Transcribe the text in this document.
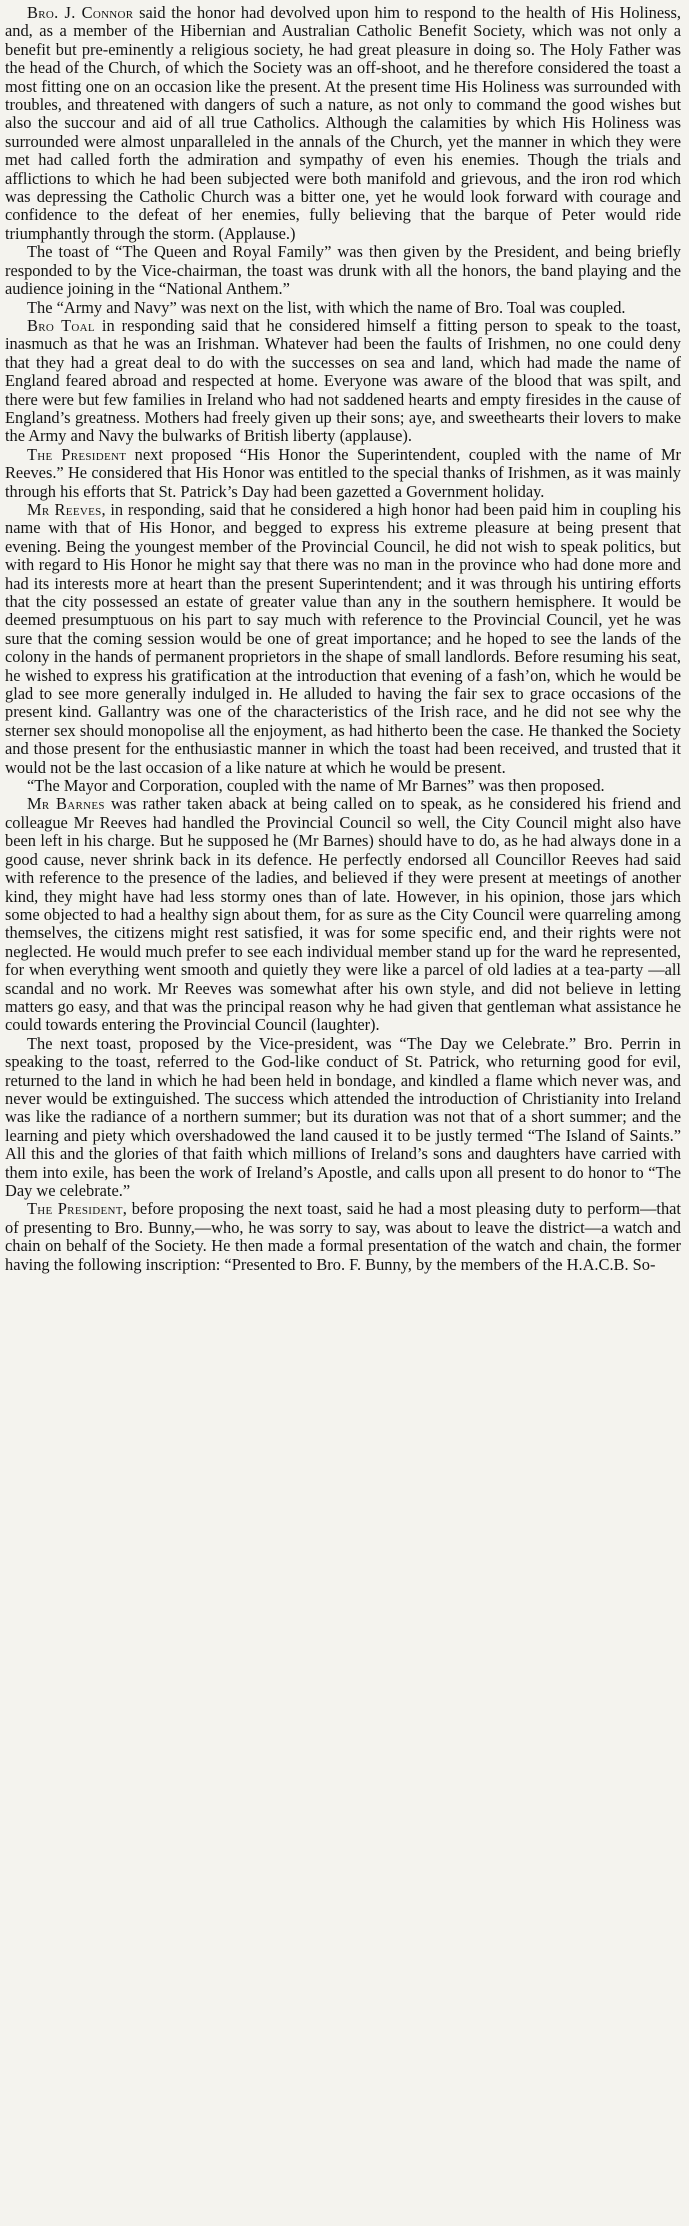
Bro. J. Connor said the honor had devolved upon him to respond to the health of His Holiness, and, as a member of the Hibernian and Australian Catholic Benefit Society, which was not only a benefit but pre-eminently a religious society, he had great pleasure in doing so. The Holy Father was the head of the Church, of which the Society was an off-shoot, and he therefore considered the toast a most fitting one on an occasion like the present. At the present time His Holiness was surrounded with troubles, and threatened with dangers of such a nature, as not only to command the good wishes but also the succour and aid of all true Catholics. Although the calamities by which His Holiness was surrounded were almost unparalleled in the annals of the Church, yet the manner in which they were met had called forth the admiration and sympathy of even his enemies. Though the trials and afflictions to which he had been subjected were both manifold and grievous, and the iron rod which was depressing the Catholic Church was a bitter one, yet he would look forward with courage and confidence to the defeat of her enemies, fully believing that the barque of Peter would ride triumphantly through the storm. (Applause.)

The toast of “The Queen and Royal Family” was then given by the President, and being briefly responded to by the Vice-chairman, the toast was drunk with all the honors, the band playing and the audience joining in the “National Anthem.”

The “Army and Navy” was next on the list, with which the name of Bro. Toal was coupled.

Bro Toal in responding said that he considered himself a fitting person to speak to the toast, inasmuch as that he was an Irishman. Whatever had been the faults of Irishmen, no one could deny that they had a great deal to do with the successes on sea and land, which had made the name of England feared abroad and respected at home. Everyone was aware of the blood that was spilt, and there were but few families in Ireland who had not saddened hearts and empty firesides in the cause of England’s greatness. Mothers had freely given up their sons; aye, and sweethearts their lovers to make the Army and Navy the bulwarks of British liberty (applause).

The President next proposed “His Honor the Superintendent, coupled with the name of Mr Reeves.” He considered that His Honor was entitled to the special thanks of Irishmen, as it was mainly through his efforts that St. Patrick’s Day had been gazetted a Government holiday.

Mr Reeves, in responding, said that he considered a high honor had been paid him in coupling his name with that of His Honor, and begged to express his extreme pleasure at being present that evening. Being the youngest member of the Provincial Council, he did not wish to speak politics, but with regard to His Honor he might say that there was no man in the province who had done more and had its interests more at heart than the present Superintendent; and it was through his untiring efforts that the city possessed an estate of greater value than any in the southern hemisphere. It would be deemed presumptuous on his part to say much with reference to the Provincial Council, yet he was sure that the coming session would be one of great importance; and he hoped to see the lands of the colony in the hands of permanent proprietors in the shape of small landlords. Before resuming his seat, he wished to express his gratification at the introduction that evening of a fash’on, which he would be glad to see more generally indulged in. He alluded to having the fair sex to grace occasions of the present kind. Gallantry was one of the characteristics of the Irish race, and he did not see why the sterner sex should monopolise all the enjoyment, as had hitherto been the case. He thanked the Society and those present for the enthusiastic manner in which the toast had been received, and trusted that it would not be the last occasion of a like nature at which he would be present.

“The Mayor and Corporation, coupled with the name of Mr Barnes” was then proposed.

Mr Barnes was rather taken aback at being called on to speak, as he considered his friend and colleague Mr Reeves had handled the Provincial Council so well, the City Council might also have been left in his charge. But he supposed he (Mr Barnes) should have to do, as he had always done in a good cause, never shrink back in its defence. He perfectly endorsed all Councillor Reeves had said with reference to the presence of the ladies, and believed if they were present at meetings of another kind, they might have had less stormy ones than of late. However, in his opinion, those jars which some objected to had a healthy sign about them, for as sure as the City Council were quarreling among themselves, the citizens might rest satisfied, it was for some specific end, and their rights were not neglected. He would much prefer to see each individual member stand up for the ward he represented, for when everything went smooth and quietly they were like a parcel of old ladies at a tea-party —all scandal and no work. Mr Reeves was somewhat after his own style, and did not believe in letting matters go easy, and that was the principal reason why he had given that gentleman what assistance he could towards entering the Provincial Council (laughter).

The next toast, proposed by the Vice-president, was “The Day we Celebrate.” Bro. Perrin in speaking to the toast, referred to the God-like conduct of St. Patrick, who returning good for evil, returned to the land in which he had been held in bondage, and kindled a flame which never was, and never would be extinguished. The success which attended the introduction of Christianity into Ireland was like the radiance of a northern summer; but its duration was not that of a short summer; and the learning and piety which overshadowed the land caused it to be justly termed “The Island of Saints.” All this and the glories of that faith which millions of Ireland’s sons and daughters have carried with them into exile, has been the work of Ireland’s Apostle, and calls upon all present to do honor to “The Day we celebrate.”

The President, before proposing the next toast, said he had a most pleasing duty to perform—that of presenting to Bro. Bunny,—who, he was sorry to say, was about to leave the district—a watch and chain on behalf of the Society. He then made a formal presentation of the watch and chain, the former having the following inscription: “Presented to Bro. F. Bunny, by the members of the H.A.C.B. So-
